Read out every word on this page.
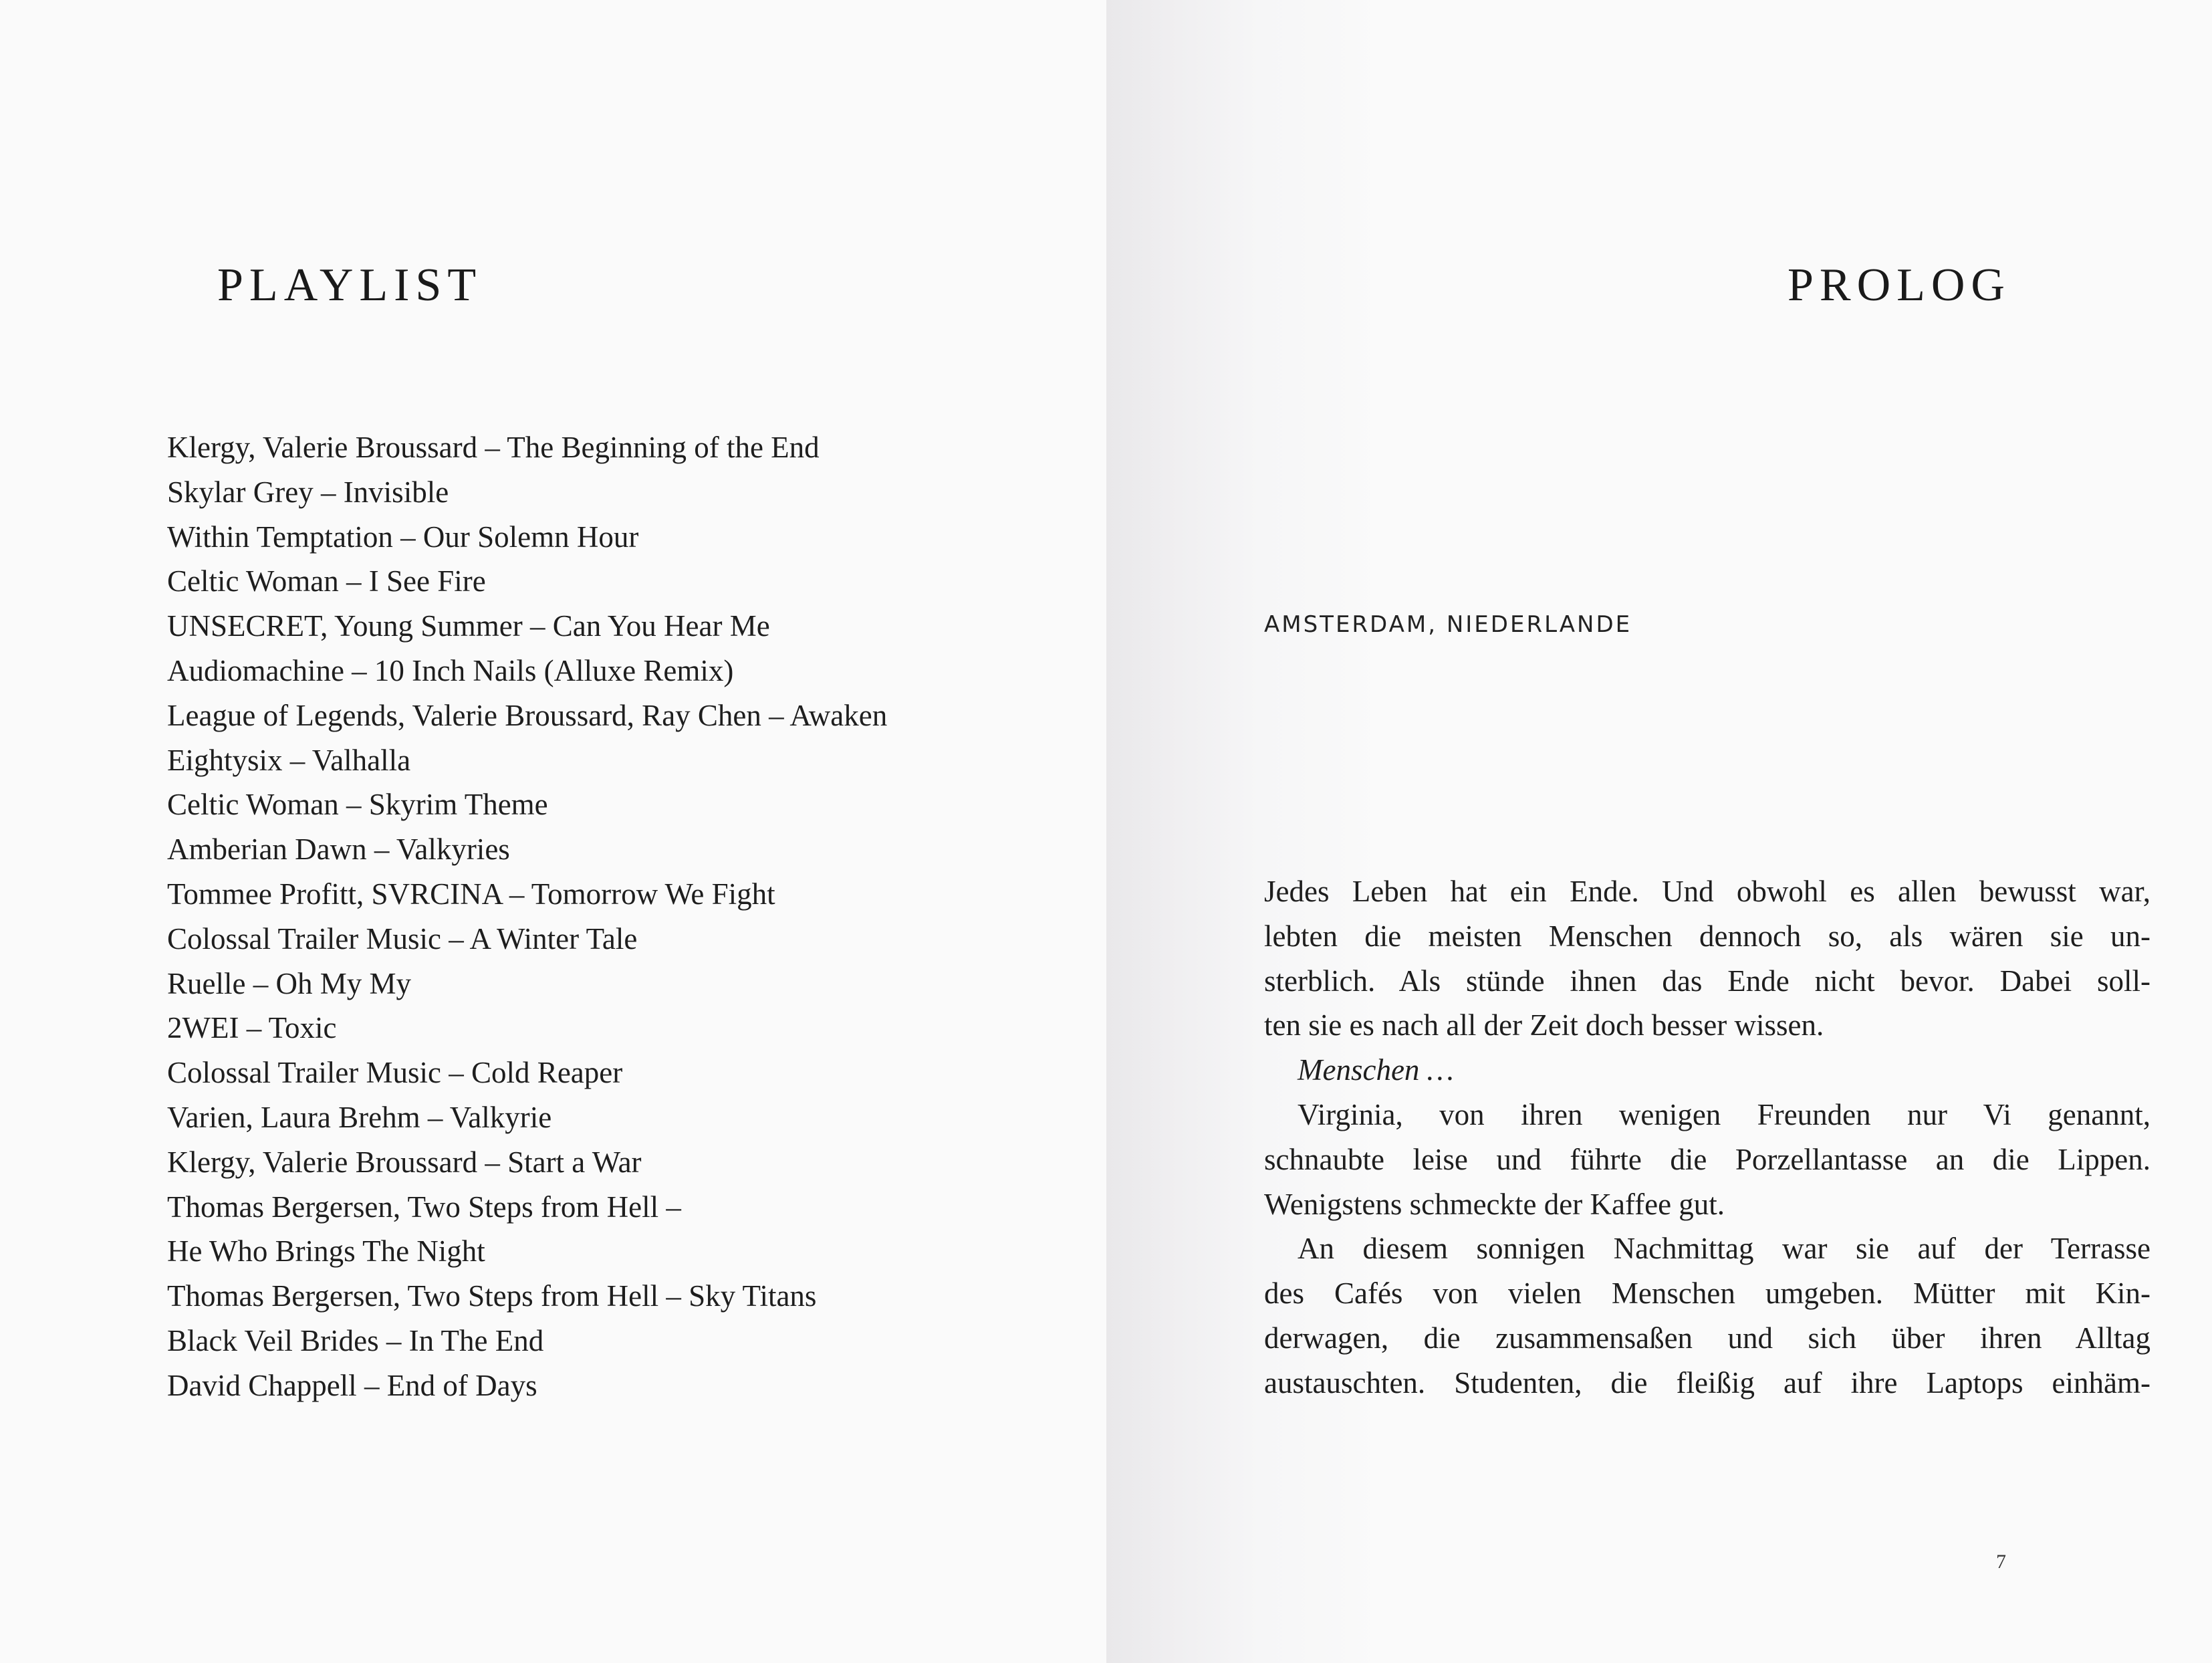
PLAYLIST
Klergy, Valerie Broussard – The Beginning of the End
Skylar Grey – Invisible
Within Temptation – Our Solemn Hour
Celtic Woman – I See Fire
UNSECRET, Young Summer – Can You Hear Me
Audiomachine – 10 Inch Nails (Alluxe Remix)
League of Legends, Valerie Broussard, Ray Chen – Awaken
Eightysix – Valhalla
Celtic Woman – Skyrim Theme
Amberian Dawn – Valkyries
Tommee Profitt, SVRCINA – Tomorrow We Fight
Colossal Trailer Music – A Winter Tale
Ruelle – Oh My My
2WEI – Toxic
Colossal Trailer Music – Cold Reaper
Varien, Laura Brehm – Valkyrie
Klergy, Valerie Broussard – Start a War
Thomas Bergersen, Two Steps from Hell –
He Who Brings The Night
Thomas Bergersen, Two Steps from Hell – Sky Titans
Black Veil Brides – In The End
David Chappell – End of Days
PROLOG
AMSTERDAM, NIEDERLANDE

Jedes Leben hat ein Ende. Und obwohl es allen bewusst war,

lebten die meisten Menschen dennoch so, als wären sie un-

sterblich. Als stünde ihnen das Ende nicht bevor. Dabei soll-

ten sie es nach all der Zeit doch besser wissen.

Menschen …

Virginia, von ihren wenigen Freunden nur Vi genannt,

schnaubte leise und führte die Porzellantasse an die Lippen.

Wenigstens schmeckte der Kaffee gut.

An diesem sonnigen Nachmittag war sie auf der Terrasse

des Cafés von vielen Menschen umgeben. Mütter mit Kin-

derwagen, die zusammensaßen und sich über ihren Alltag

austauschten. Studenten, die fleißig auf ihre Laptops einhäm-

7
